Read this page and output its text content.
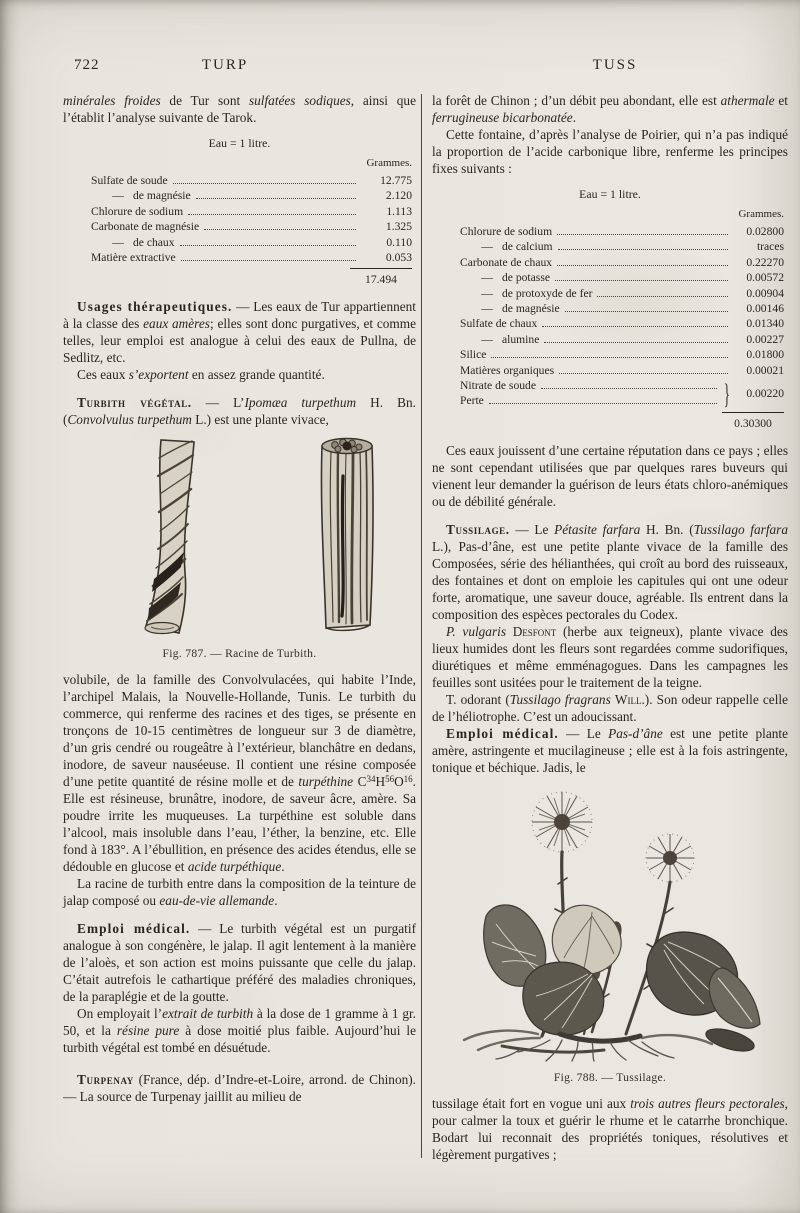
722	TURP	TUSS

minérales froides de Tur sont sulfatées sodiques, ainsi que l’établit l’analyse suivante de Tarok.

Eau = 1 litre.
Grammes.
Sulfate de soude	12.775
— de magnésie	2.120
Chlorure de sodium	1.113
Carbonate de magnésie	1.325
— de chaux	0.110
Matière extractive	0.053
17.494

Usages thérapeutiques. — Les eaux de Tur appartiennent à la classe des eaux amères; elles sont donc purgatives, et comme telles, leur emploi est analogue à celui des eaux de Pullna, de Sedlitz, etc.

Ces eaux s’exportent en assez grande quantité.

Turbith végétal. — L’Ipomæa turpethum H. Bn. (Convolvulus turpethum L.) est une plante vivace,

Fig. 787. — Racine de Turbith.

volubile, de la famille des Convolvulacées, qui habite l’Inde, l’archipel Malais, la Nouvelle-Hollande, Tunis. Le turbith du commerce, qui renferme des racines et des tiges, se présente en tronçons de 10-15 centimètres de longueur sur 3 de diamètre, d’un gris cendré ou rougeâtre à l’extérieur, blanchâtre en dedans, inodore, de saveur nauséeuse. Il contient une résine composée d’une petite quantité de résine molle et de turpéthine $C^{34}H^{56}O^{16}$. Elle est résineuse, brunâtre, inodore, de saveur âcre, amère. Sa poudre irrite les muqueuses. La turpéthine est soluble dans l’alcool, mais insoluble dans l’eau, l’éther, la benzine, etc. Elle fond à 183°. A l’ébullition, en présence des acides étendus, elle se dédouble en glucose et acide turpéthique.

La racine de turbith entre dans la composition de la teinture de jalap composé ou eau-de-vie allemande.

Emploi médical. — Le turbith végétal est un purgatif analogue à son congénère, le jalap. Il agit lentement à la manière de l’aloès, et son action est moins puissante que celle du jalap. C’était autrefois le cathartique préféré des maladies chroniques, de la paraplégie et de la goutte.

On employait l’extrait de turbith à la dose de 1 gramme à 1 gr. 50, et la résine pure à dose moitié plus faible. Aujourd’hui le turbith végétal est tombé en désuétude.

Turpenay (France, dép. d’Indre-et-Loire, arrond. de Chinon). — La source de Turpenay jaillit au milieu de

la forêt de Chinon ; d’un débit peu abondant, elle est athermale et ferrugineuse bicarbonatée.

Cette fontaine, d’après l’analyse de Poirier, qui n’a pas indiqué la proportion de l’acide carbonique libre, renferme les principes fixes suivants :

Eau = 1 litre.
Grammes.
Chlorure de sodium	0.02800
— de calcium	traces
Carbonate de chaux	0.22270
— de potasse	0.00572
— de protoxyde de fer	0.00904
— de magnésie	0.00146
Sulfate de chaux	0.01340
— alumine	0.00227
Silice	0.01800
Matières organiques	0.00021
Nitrate de soude
Perte	}	0.00220
0.30300

Ces eaux jouissent d’une certaine réputation dans ce pays ; elles ne sont cependant utilisées que par quelques rares buveurs qui vienent leur demander la guérison de leurs états chloro-anémiques ou de débilité générale.

Tussilage. — Le Pétasite farfara H. Bn. (Tussilago farfara L.), Pas-d’âne, est une petite plante vivace de la famille des Composées, série des hélianthées, qui croît au bord des ruisseaux, des fontaines et dont on emploie les capitules qui ont une odeur forte, aromatique, une saveur douce, agréable. Ils entrent dans la composition des espèces pectorales du Codex.

P. vulgaris Desfont (herbe aux teigneux), plante vivace des lieux humides dont les fleurs sont regardées comme sudorifiques, diurétiques et même emménagogues. Dans les campagnes les feuilles sont usitées pour le traitement de la teigne.

T. odorant (Tussilago fragrans Will.). Son odeur rappelle celle de l’héliotrophe. C’est un adoucissant.

Emploi médical. — Le Pas-d’âne est une petite plante amère, astringente et mucilagineuse ; elle est à la fois astringente, tonique et béchique. Jadis, le

Fig. 788. — Tussilage.

tussilage était fort en vogue uni aux trois autres fleurs pectorales, pour calmer la toux et guérir le rhume et le catarrhe bronchique. Bodart lui reconnait des propriétés toniques, résolutives et légèrement purgatives ;
